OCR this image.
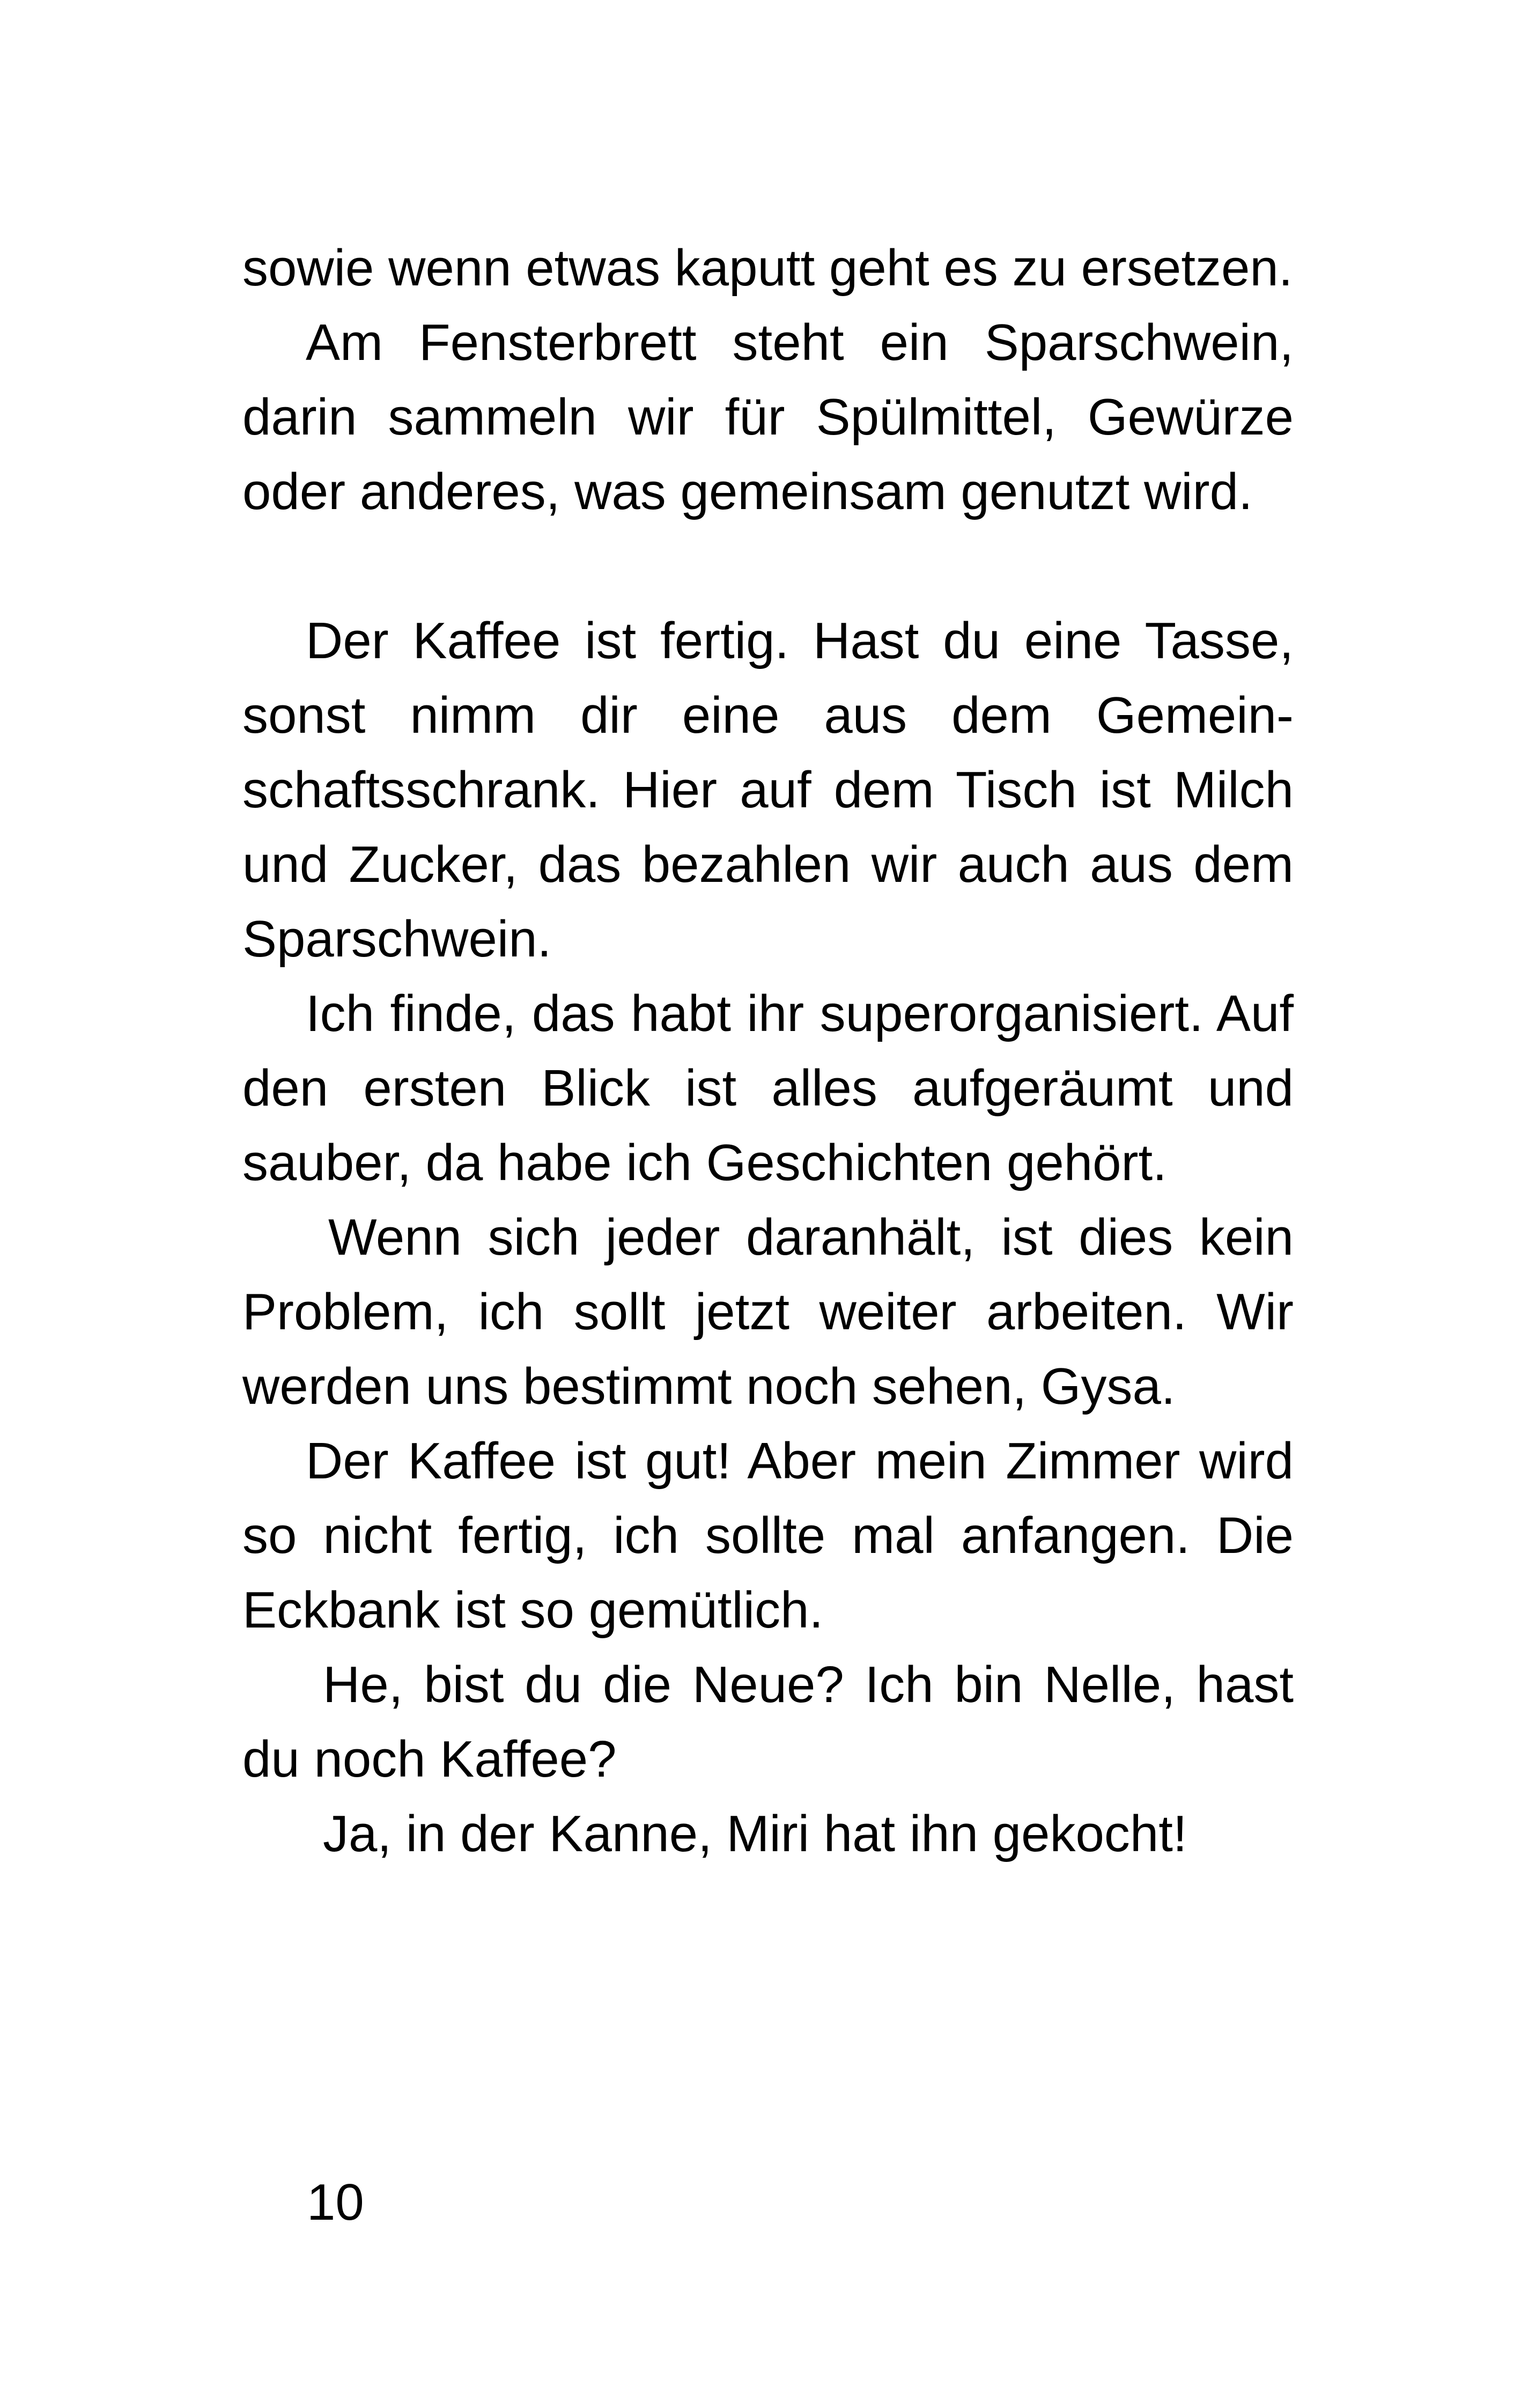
sowie wenn etwas kaputt geht es zu ersetzen.

Am Fensterbrett steht ein Sparschwein, darin sammeln wir für Spülmittel, Gewürze oder anderes, was gemeinsam genutzt wird.

Der Kaffee ist fertig. Hast du eine Tasse, sonst nimm dir eine aus dem Gemeinschaftsschrank. Hier auf dem Tisch ist Milch und Zucker, das bezahlen wir auch aus dem Sparschwein.

Ich finde, das habt ihr superorganisiert. Auf den ersten Blick ist alles aufgeräumt und sauber, da habe ich Geschichten gehört.

Wenn sich jeder daranhält, ist dies kein Problem, ich sollt jetzt weiter arbeiten. Wir werden uns bestimmt noch sehen, Gysa.

Der Kaffee ist gut! Aber mein Zimmer wird so nicht fertig, ich sollte mal anfangen. Die Eckbank ist so gemütlich.

He, bist du die Neue? Ich bin Nelle, hast du noch Kaffee?

Ja, in der Kanne, Miri hat ihn gekocht!

10
